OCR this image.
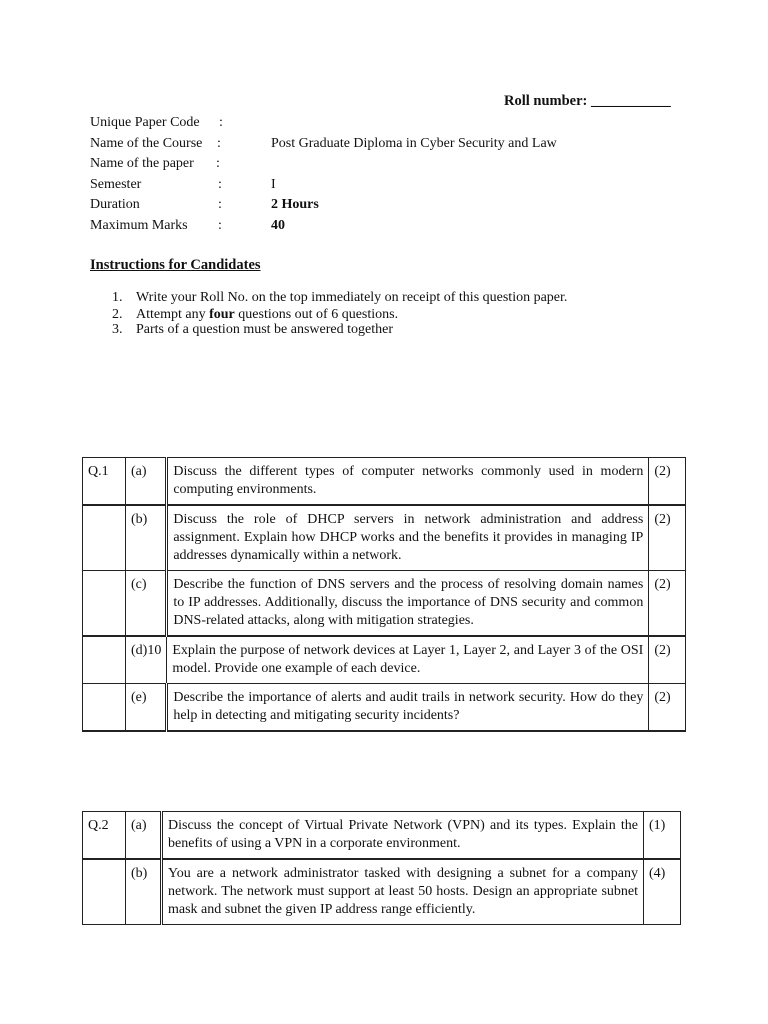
Roll number: ___________
Unique Paper Code :
Name of the Course :	Post Graduate Diploma in Cyber Security and Law
Name of the paper :
Semester	:	I
Duration	:	2 Hours
Maximum Marks :	40
Instructions for Candidates
1. Write your Roll No. on the top immediately on receipt of this question paper.
2. Attempt any four questions out of 6 questions.
3. Parts of a question must be answered together
Q.1	(a)	Discuss the different types of computer networks commonly used in modern computing environments.	(2)
	(b)	Discuss the role of DHCP servers in network administration and address assignment. Explain how DHCP works and the benefits it provides in managing IP addresses dynamically within a network.	(2)
	(c)	Describe the function of DNS servers and the process of resolving domain names to IP addresses. Additionally, discuss the importance of DNS security and common DNS-related attacks, along with mitigation strategies.	(2)
	(d)10	Explain the purpose of network devices at Layer 1, Layer 2, and Layer 3 of the OSI model. Provide one example of each device.	(2)
	(e)	Describe the importance of alerts and audit trails in network security. How do they help in detecting and mitigating security incidents?	(2)
Q.2	(a)	Discuss the concept of Virtual Private Network (VPN) and its types. Explain the benefits of using a VPN in a corporate environment.	(1)
	(b)	You are a network administrator tasked with designing a subnet for a company network. The network must support at least 50 hosts. Design an appropriate subnet mask and subnet the given IP address range efficiently.	(4)
